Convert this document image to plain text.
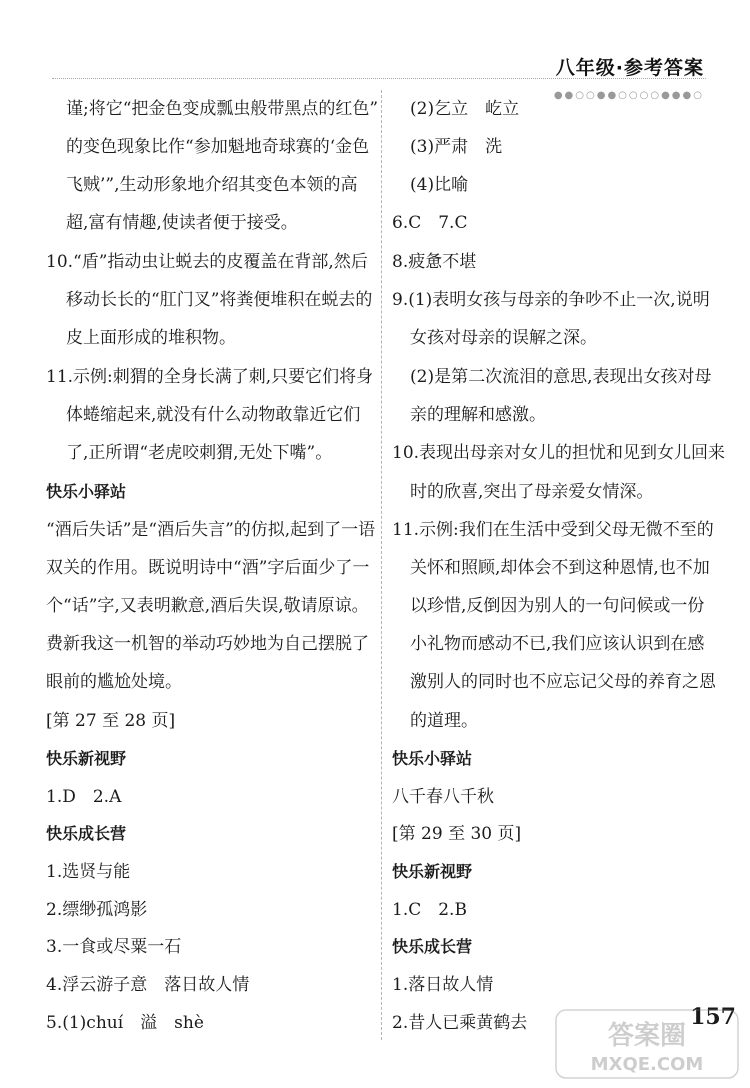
八年级·参考答案
●●○○●●○○○○●●●○
谨;将它“把金色变成瓢虫般带黑点的红色”
的变色现象比作“参加魁地奇球赛的‘金色
飞贼’”,生动形象地介绍其变色本领的高
超,富有情趣,使读者便于接受。
10.“盾”指动虫让蜕去的皮覆盖在背部,然后
移动长长的“肛门叉”将粪便堆积在蜕去的
皮上面形成的堆积物。
11.示例:刺猬的全身长满了刺,只要它们将身
体蜷缩起来,就没有什么动物敢靠近它们
了,正所谓“老虎咬刺猬,无处下嘴”。
快乐小驿站
“酒后失话”是“酒后失言”的仿拟,起到了一语
双关的作用。既说明诗中“酒”字后面少了一
个“话”字,又表明歉意,酒后失误,敬请原谅。
费新我这一机智的举动巧妙地为自己摆脱了
眼前的尴尬处境。
[第 27 至 28 页]
快乐新视野
1.D　2.A
快乐成长营
1.选贤与能
2.缥缈孤鸿影
3.一食或尽粟一石
4.浮云游子意　落日故人情
5.(1)chuí　溢　shè
(2)乞立　屹立
(3)严肃　洗
(4)比喻
6.C　7.C
8.疲惫不堪
9.(1)表明女孩与母亲的争吵不止一次,说明
女孩对母亲的误解之深。
(2)是第二次流泪的意思,表现出女孩对母
亲的理解和感激。
10.表现出母亲对女儿的担忧和见到女儿回来
时的欣喜,突出了母亲爱女情深。
11.示例:我们在生活中受到父母无微不至的
关怀和照顾,却体会不到这种恩情,也不加
以珍惜,反倒因为别人的一句问候或一份
小礼物而感动不已,我们应该认识到在感
激别人的同时也不应忘记父母的养育之恩
的道理。
快乐小驿站
八千春八千秋
[第 29 至 30 页]
快乐新视野
1.C　2.B
快乐成长营
1.落日故人情
2.昔人已乘黄鹤去	157
答案圈
MXQE.COM
